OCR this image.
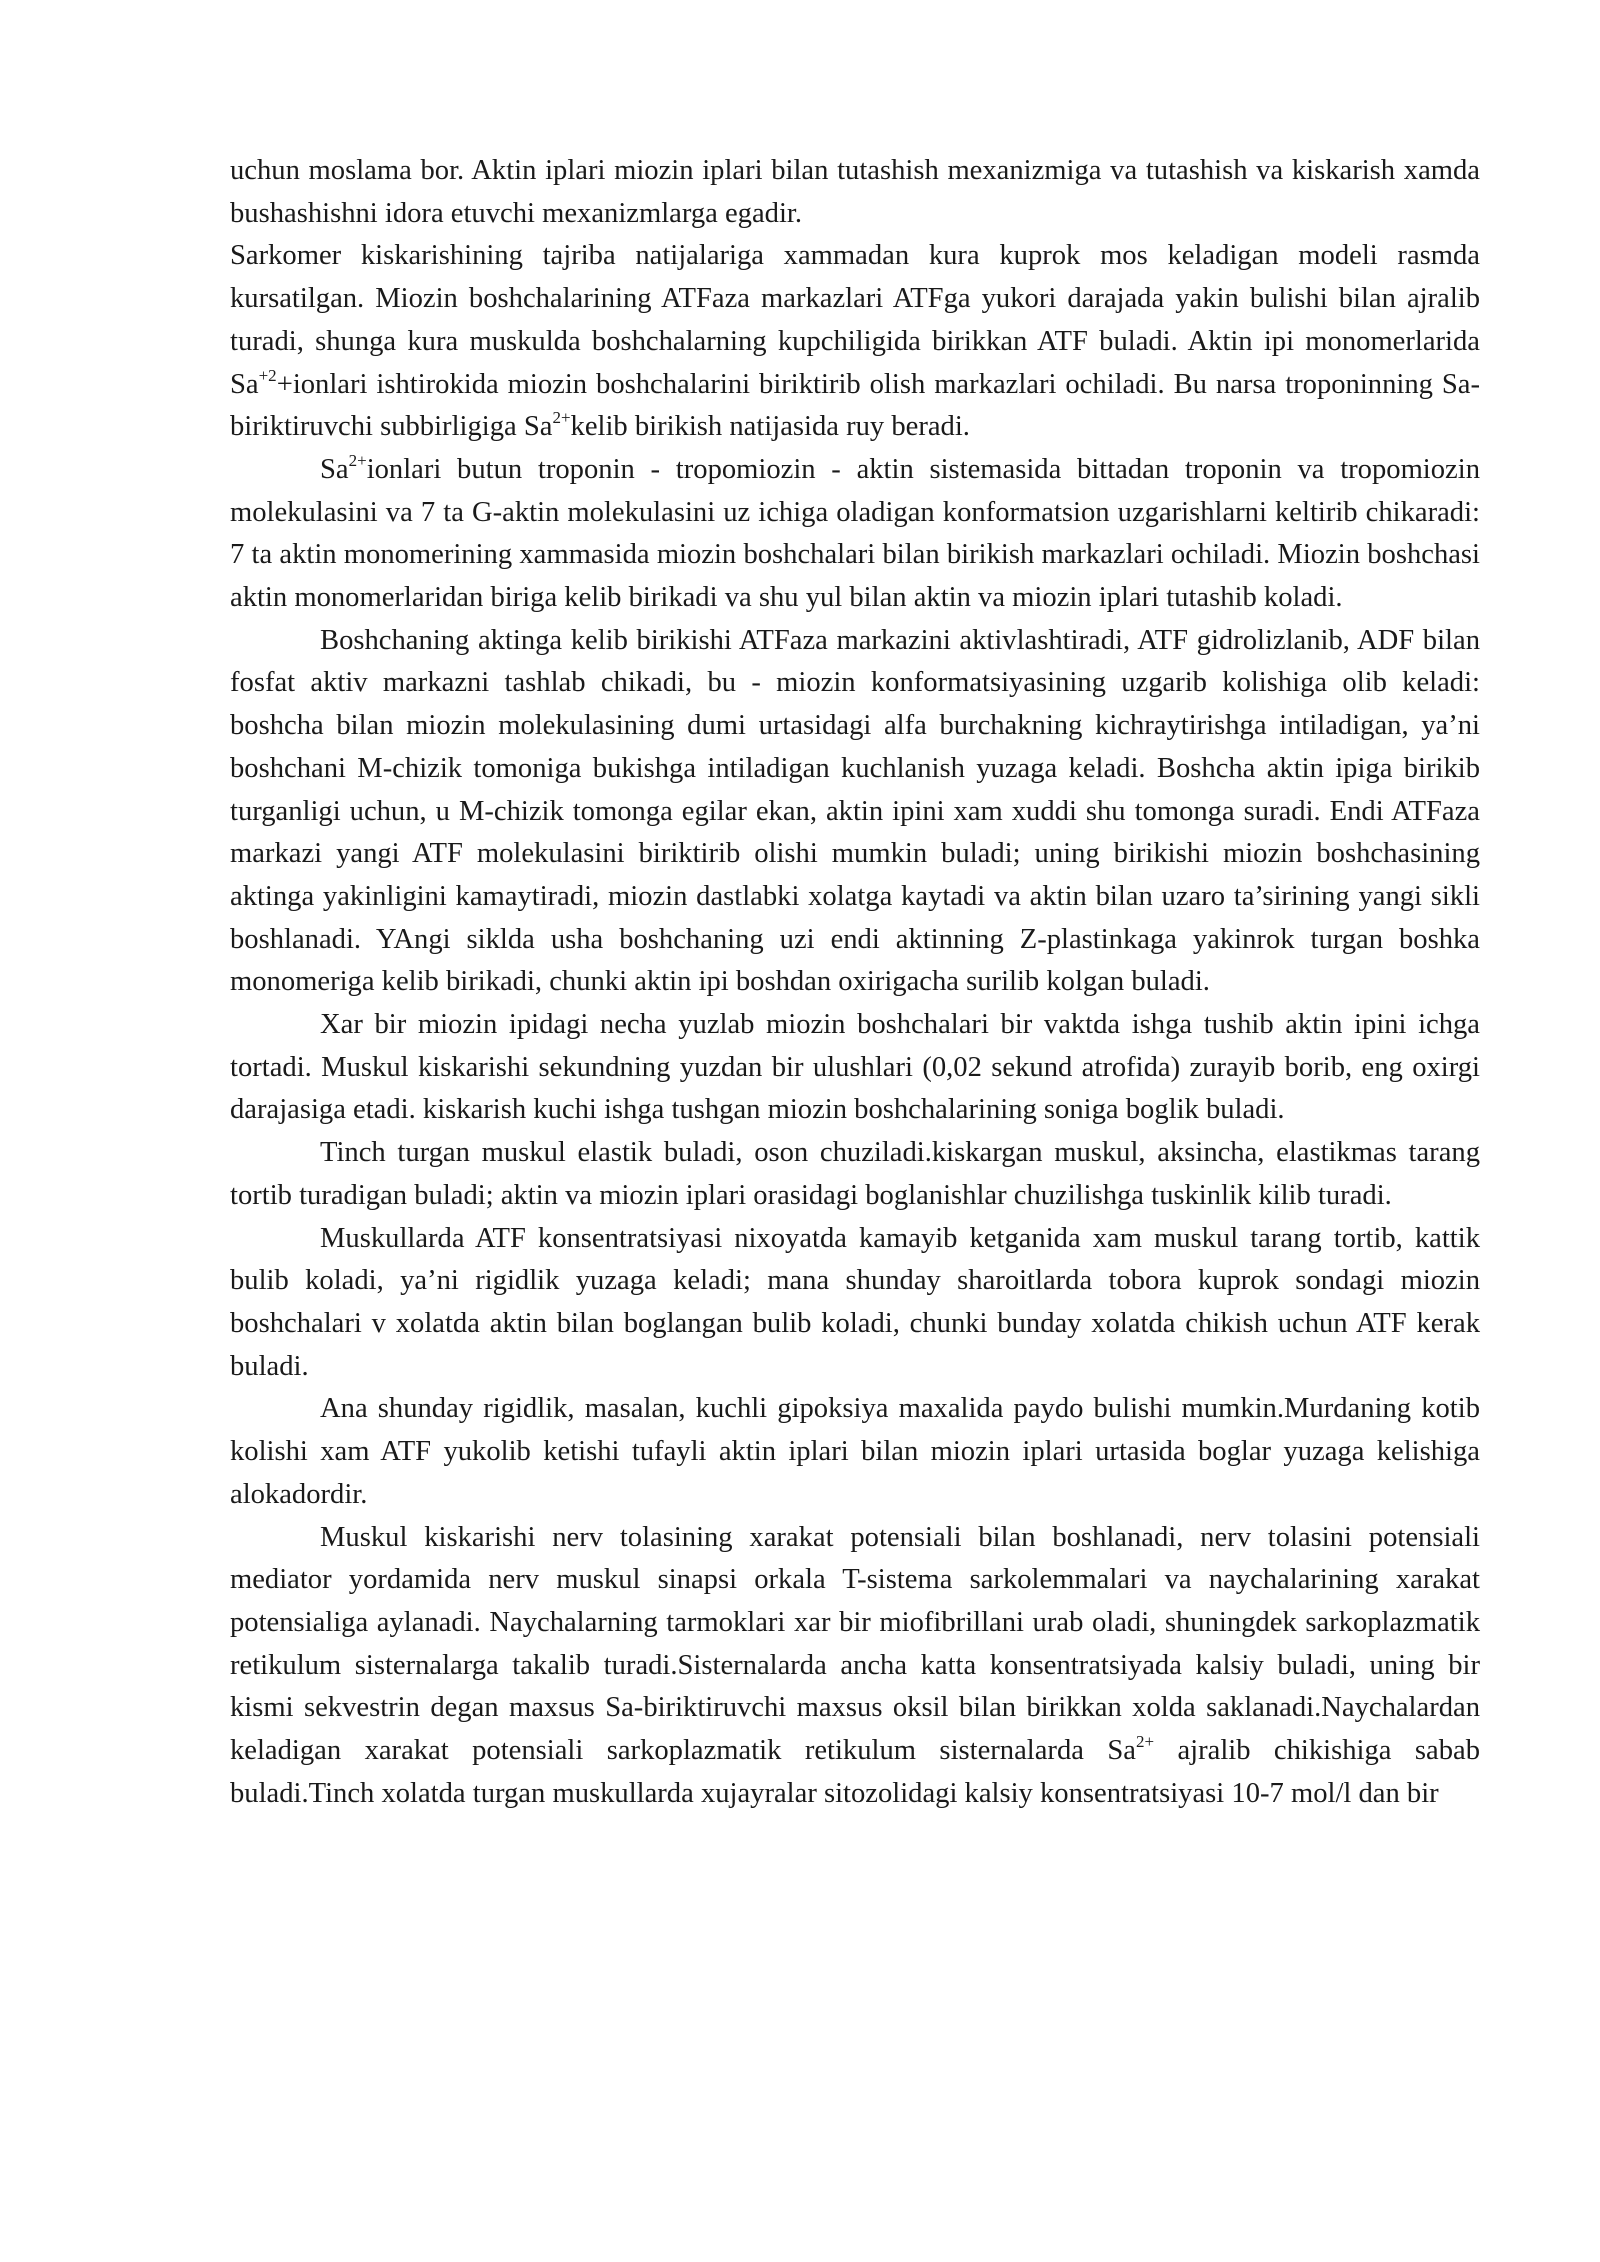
uchun moslama bor. Aktin iplari miozin iplari bilan tutashish mexanizmiga va tutashish va kiskarish xamda bushashishni idora etuvchi mexanizmlarga egadir.

Sarkomer kiskarishining tajriba natijalariga xammadan kura kuprok mos keladigan modeli rasmda kursatilgan. Miozin boshchalarining ATFaza markazlari ATFga yukori darajada yakin bulishi bilan ajralib turadi, shunga kura muskulda boshchalarning kupchiligida birikkan ATF buladi. Aktin ipi monomerlarida $Sa^{+2}+ionlari$ ishtirokida miozin boshchalarini biriktirib olish markazlari ochiladi. Bu narsa troponinning Sa-biriktiruvchi subbirligiga $Sa^{2+}kelib$ birikish natijasida ruy beradi.

$Sa^{2+}ionlari$ butun troponin - tropomiozin - aktin sistemasida bittadan troponin va tropomiozin molekulasini va 7 ta G-aktin molekulasini uz ichiga oladigan konformatsion uzgarishlarni keltirib chikaradi: 7 ta aktin monomerining xammasida miozin boshchalari bilan birikish markazlari ochiladi. Miozin boshchasi aktin monomerlaridan biriga kelib birikadi va shu yul bilan aktin va miozin iplari tutashib koladi.

Boshchaning aktinga kelib birikishi ATFaza markazini aktivlashtiradi, ATF gidrolizlanib, ADF bilan fosfat aktiv markazni tashlab chikadi, bu - miozin konformatsiyasining uzgarib kolishiga olib keladi: boshcha bilan miozin molekulasining dumi urtasidagi alfa burchakning kichraytirishga intiladigan, ya’ni boshchani M-chizik tomoniga bukishga intiladigan kuchlanish yuzaga keladi. Boshcha aktin ipiga birikib turganligi uchun, u M-chizik tomonga egilar ekan, aktin ipini xam xuddi shu tomonga suradi. Endi ATFaza markazi yangi ATF molekulasini biriktirib olishi mumkin buladi; uning birikishi miozin boshchasining aktinga yakinligini kamaytiradi, miozin dastlabki xolatga kaytadi va aktin bilan uzaro ta’sirining yangi sikli boshlanadi. YAngi siklda usha boshchaning uzi endi aktinning Z-plastinkaga yakinrok turgan boshka monomeriga kelib birikadi, chunki aktin ipi boshdan oxirigacha surilib kolgan buladi.

Xar bir miozin ipidagi necha yuzlab miozin boshchalari bir vaktda ishga tushib aktin ipini ichga tortadi. Muskul kiskarishi sekundning yuzdan bir ulushlari (0,02 sekund atrofida) zurayib borib, eng oxirgi darajasiga etadi. kiskarish kuchi ishga tushgan miozin boshchalarining soniga boglik buladi.

Tinch turgan muskul elastik buladi, oson chuziladi.kiskargan muskul, aksincha, elastikmas tarang tortib turadigan buladi; aktin va miozin iplari orasidagi boglanishlar chuzilishga tuskinlik kilib turadi.

Muskullarda ATF konsentratsiyasi nixoyatda kamayib ketganida xam muskul tarang tortib, kattik bulib koladi, ya’ni rigidlik yuzaga keladi; mana shunday sharoitlarda tobora kuprok sondagi miozin boshchalari v xolatda aktin bilan boglangan bulib koladi, chunki bunday xolatda chikish uchun ATF kerak buladi.

Ana shunday rigidlik, masalan, kuchli gipoksiya maxalida paydo bulishi mumkin.Murdaning kotib kolishi xam ATF yukolib ketishi tufayli aktin iplari bilan miozin iplari urtasida boglar yuzaga kelishiga alokadordir.

Muskul kiskarishi nerv tolasining xarakat potensiali bilan boshlanadi, nerv tolasini potensiali mediator yordamida nerv muskul sinapsi orkala T-sistema sarkolemmalari va naychalarining xarakat potensialiga aylanadi. Naychalarning tarmoklari xar bir miofibrillani urab oladi, shuningdek sarkoplazmatik retikulum sisternalarga takalib turadi.Sisternalarda ancha katta konsentratsiyada kalsiy buladi, uning bir kismi sekvestrin degan maxsus Sa-biriktiruvchi maxsus oksil bilan birikkan xolda saklanadi.Naychalardan keladigan xarakat potensiali sarkoplazmatik retikulum sisternalarda $Sa^{2+}$ ajralib chikishiga sabab buladi.Tinch xolatda turgan muskullarda xujayralar sitozolidagi kalsiy konsentratsiyasi 10-7 mol/l dan bir
